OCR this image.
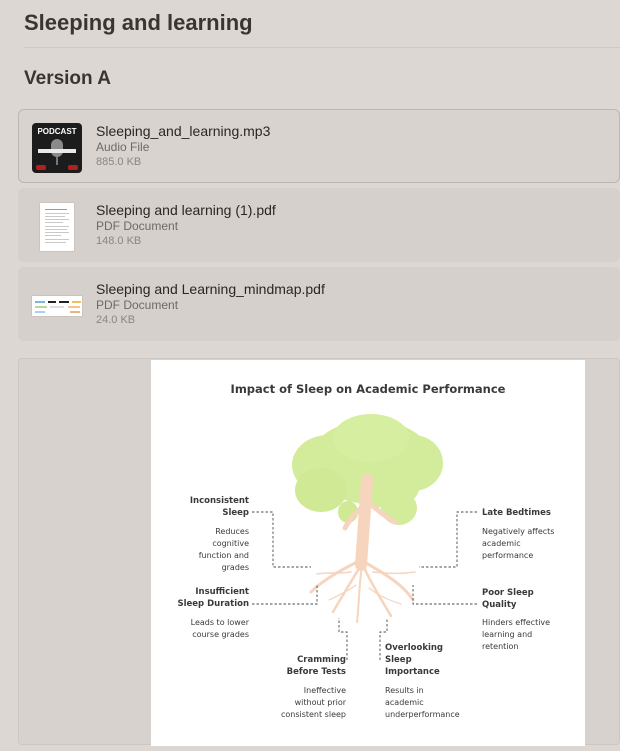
Sleeping and learning
Version A
PODCAST	Sleeping_and_learning.mp3
Audio File
885.0 KB
Sleeping and learning (1).pdf
PDF Document
148.0 KB
Sleeping and Learning_mindmap.pdf
PDF Document
24.0 KB
Impact of Sleep on Academic Performance
Inconsistent
Sleep
Reduces
cognitive
function and
grades
Insufficient
Sleep Duration
Leads to lower
course grades
Cramming
Before Tests
Ineffective
without prior
consistent sleep
Overlooking
Sleep
Importance
Results in
academic
underperformance
Late Bedtimes
Negatively affects
academic
performance
Poor Sleep
Quality
Hinders effective
learning and
retention
